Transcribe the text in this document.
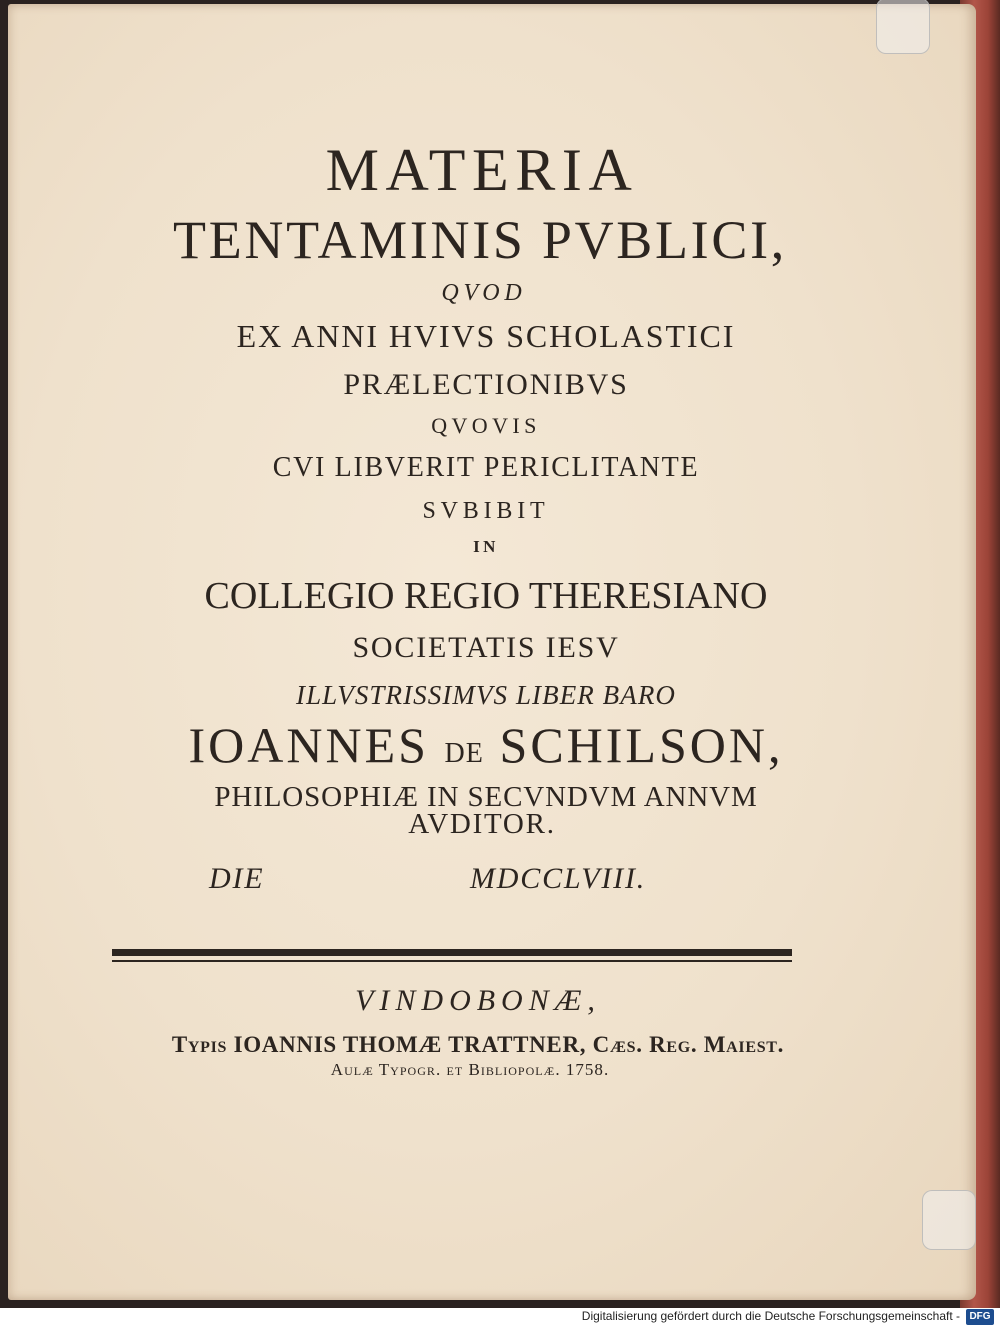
MATERIA
TENTAMINIS PVBLICI,
QVOD
EX ANNI HVIVS SCHOLASTICI
PRÆLECTIONIBVS
QVOVIS
CVI LIBVERIT PERICLITANTE
SVBIBIT
IN
COLLEGIO REGIO THERESIANO
SOCIETATIS IESV
ILLVSTRISSIMVS LIBER BARO
IOANNES DE SCHILSON,
PHILOSOPHIÆ IN SECVNDVM ANNVM
AVDITOR.
DIE	MDCCLVIII.
VINDOBONÆ,
Typis IOANNIS THOMÆ TRATTNER, Cæs. Reg. Maiest.
Aulæ Typogr. et Bibliopolæ. 1758.
Digitalisierung gefördert durch die Deutsche Forschungsgemeinschaft - DFG
